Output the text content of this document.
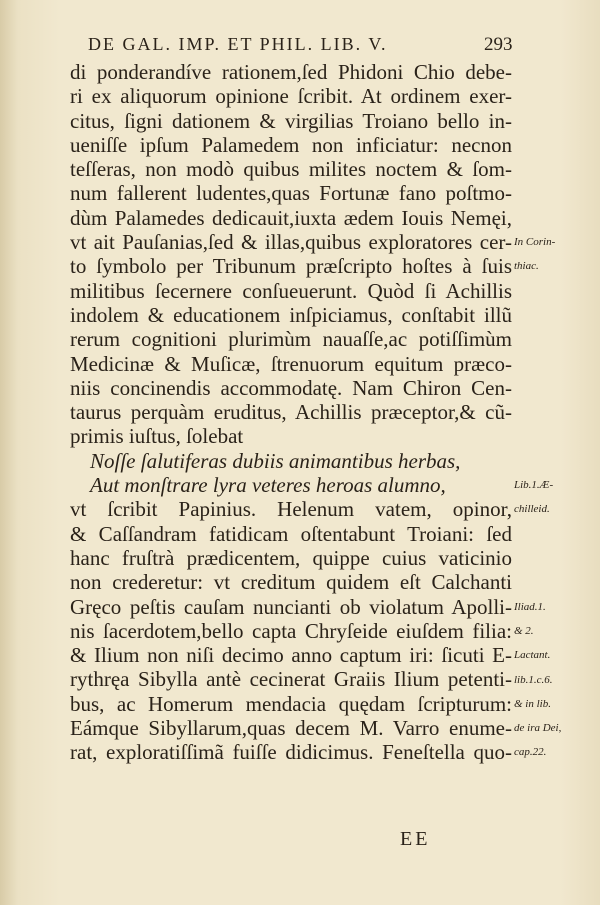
DE GAL. IMP. ET PHIL. LIB. V.	293
di ponderandíve rationem,ſed Phidoni Chio debe-
ri ex aliquorum opinione ſcribit. At ordinem exer-
citus, ſigni dationem & virgilias Troiano bello in-
ueniſſe ipſum Palamedem non inficiatur: necnon
teſſeras, non modò quibus milites noctem & ſom-
num fallerent ludentes,quas Fortunæ fano poſtmo-
dùm Palamedes dedicauit,iuxta ædem Iouis Nemęi,
vt ait Pauſanias,ſed & illas,quibus exploratores cer-
to ſymbolo per Tribunum præſcripto hoſtes à ſuis
militibus ſecernere conſueuerunt. Quòd ſi Achillis
indolem & educationem inſpiciamus, conſtabit illũ
rerum cognitioni plurimùm nauaſſe,ac potiſſimùm
Medicinæ & Muſicæ, ſtrenuorum equitum præco-
niis concinendis accommodatę. Nam Chiron Cen-
taurus perquàm eruditus, Achillis præceptor,& cũ-
primis iuſtus, ſolebat
Noſſe ſalutiferas dubiis animantibus herbas,
Aut monſtrare lyra veteres heroas alumno,
vt ſcribit Papinius. Helenum vatem, opinor,
& Caſſandram fatidicam oſtentabunt Troiani: ſed
hanc fruſtrà prædicentem, quippe cuius vaticinio
non crederetur: vt creditum quidem eſt Calchanti
Gręco peſtis cauſam nuncianti ob violatum Apolli-
nis ſacerdotem,bello capta Chryſeide eiuſdem filia:
& Ilium non niſi decimo anno captum iri: ſicuti E-
rythręa Sibylla antè cecinerat Graiis Ilium petenti-
bus, ac Homerum mendacia quędam ſcripturum:
Eámque Sibyllarum,quas decem M. Varro enume-
rat, exploratiſſimã fuiſſe didicimus. Feneſtella quo-
In Corin-
thiac.
Lib.1.Æ-
chilleid.
Iliad.1.
& 2.
Lactant.
lib.1.c.6.
& in lib.
de ira Dei,
cap.22.
EE
